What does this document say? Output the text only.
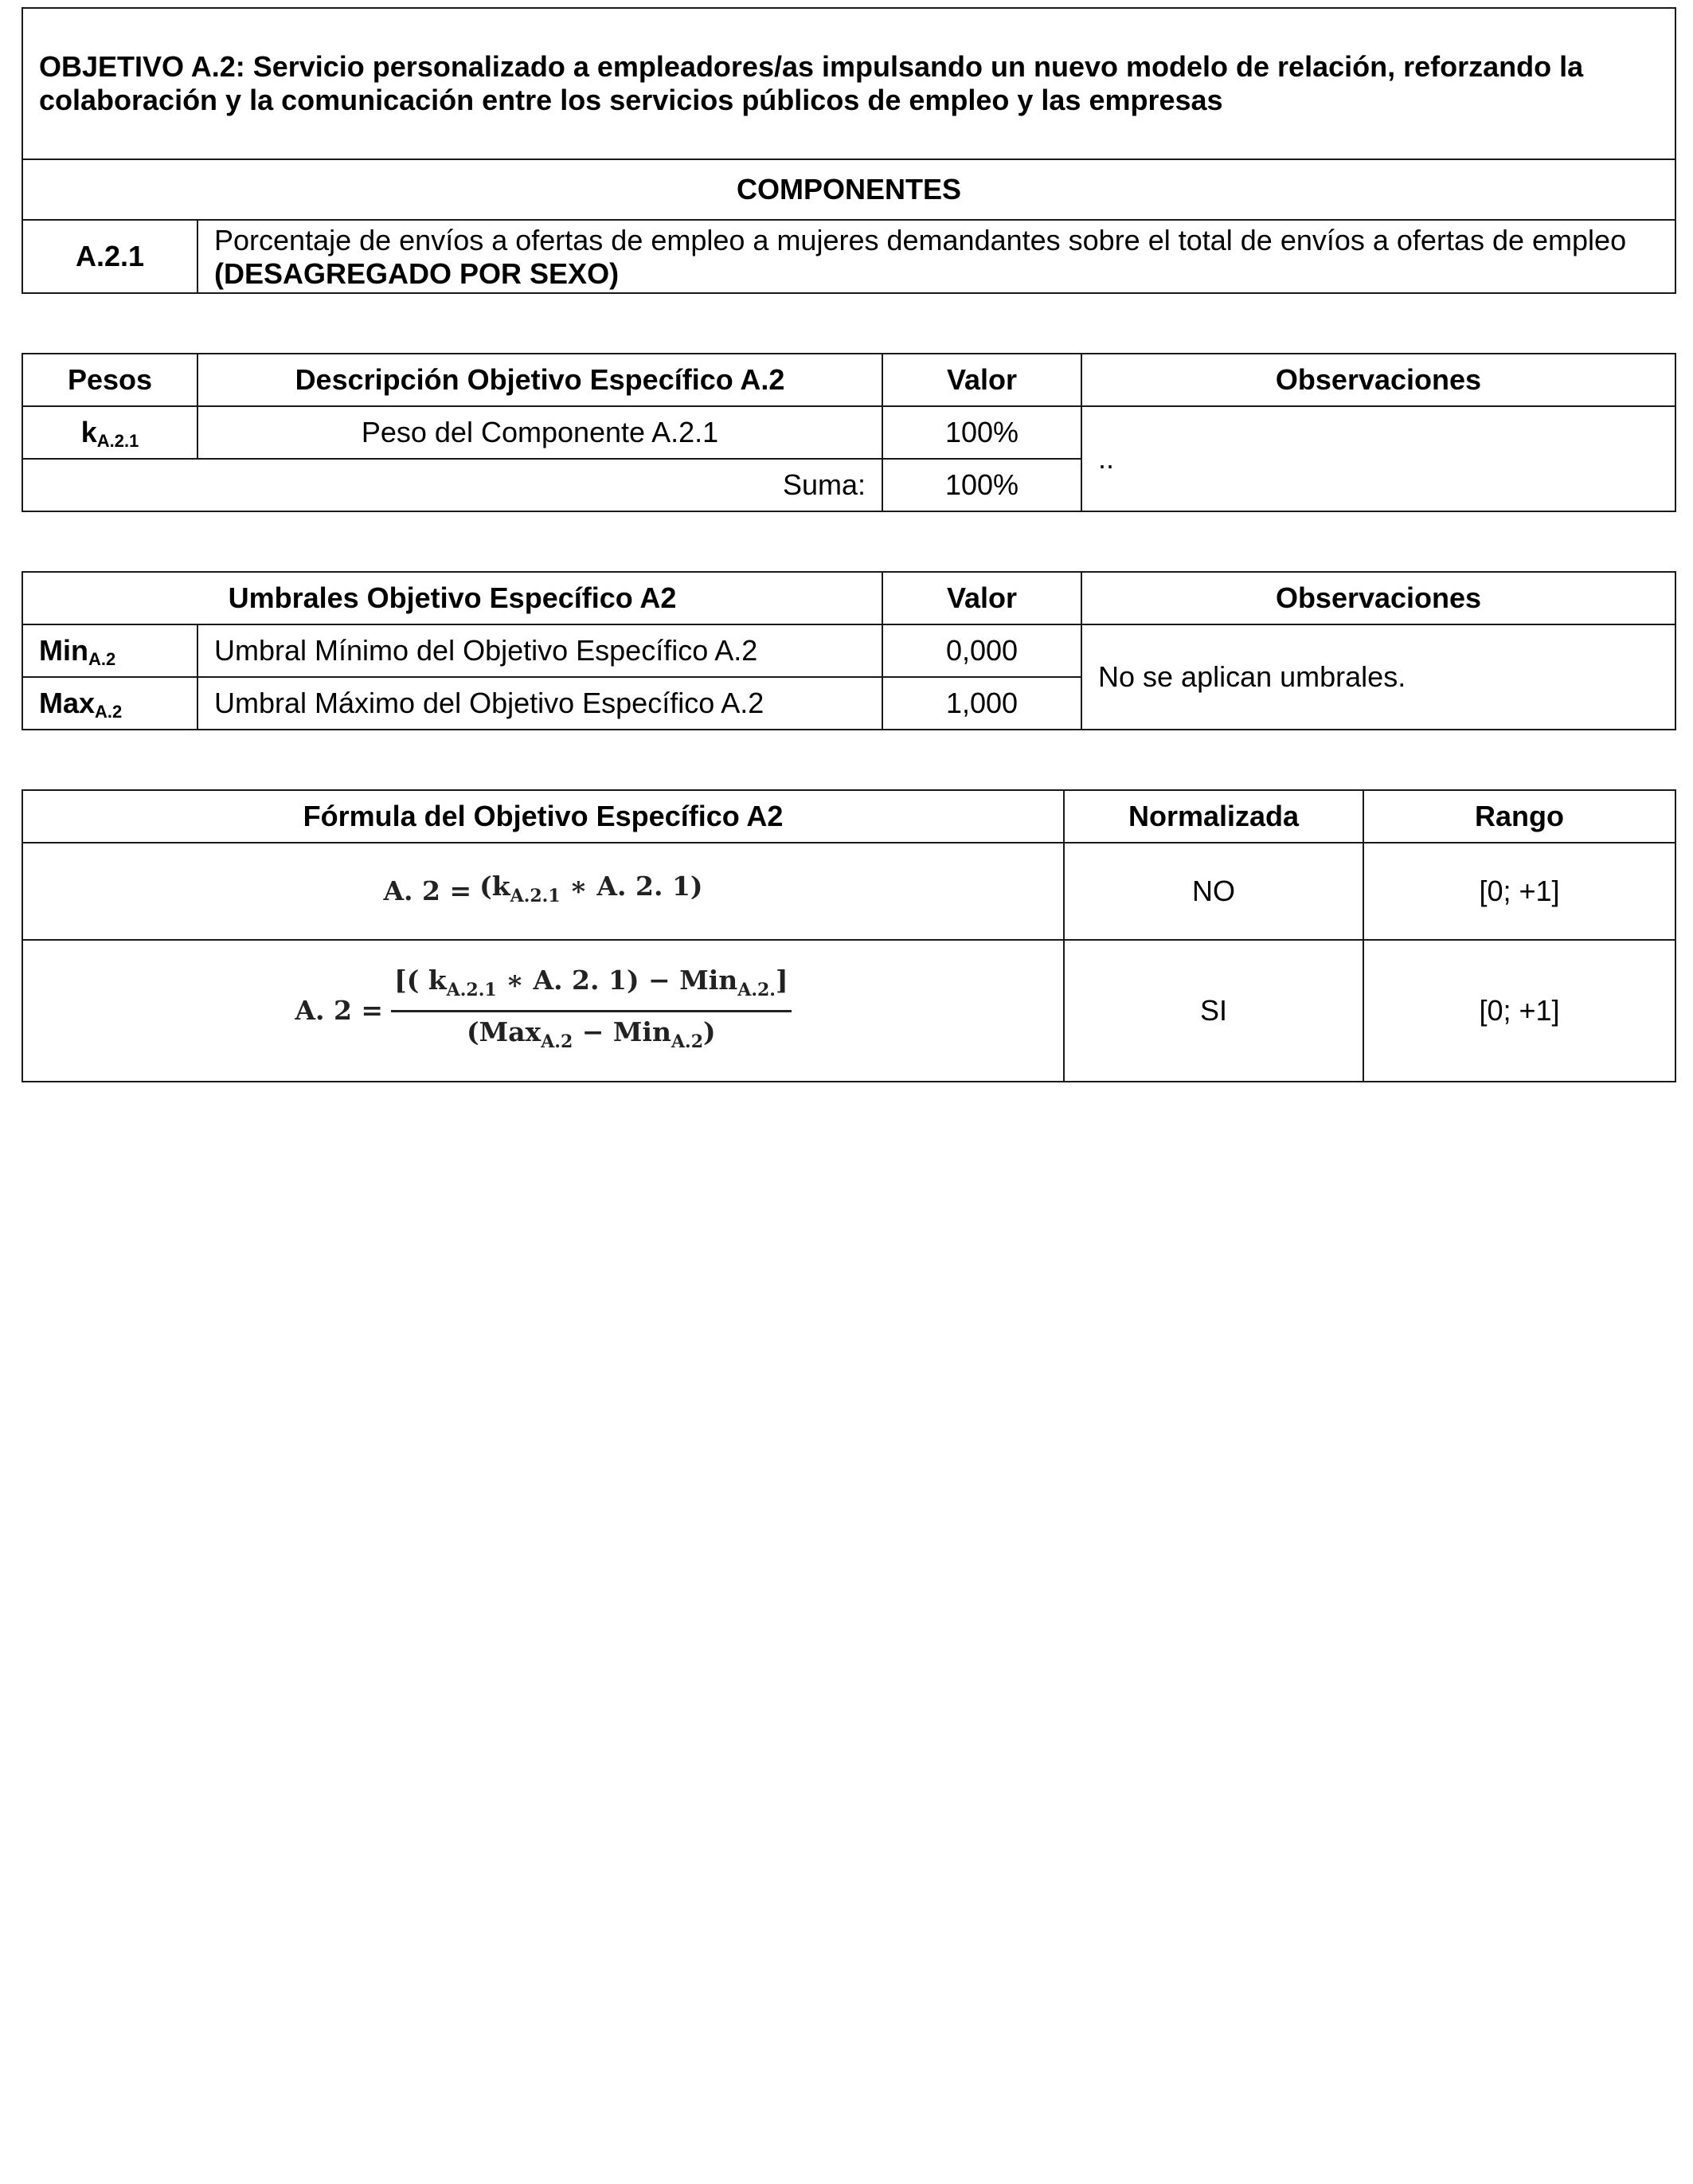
OBJETIVO A.2: Servicio personalizado a empleadores/as impulsando un nuevo modelo de relación, reforzando la colaboración y la comunicación entre los servicios públicos de empleo y las empresas
COMPONENTES
A.2.1	Porcentaje de envíos a ofertas de empleo a mujeres demandantes sobre el total de envíos a ofertas de empleo (DESAGREGADO POR SEXO)
Pesos	Descripción Objetivo Específico A.2	Valor	Observaciones
$k_{A.2.1}$	Peso del Componente A.2.1	100%	..
Suma:		100%	
Umbrales Objetivo Específico A2		Valor	Observaciones
Min$_{A.2}$	Umbral Mínimo del Objetivo Específico A.2	0,000	No se aplican umbrales.
Max$_{A.2}$	Umbral Máximo del Objetivo Específico A.2	1,000	
Fórmula del Objetivo Específico A2	Normalizada	Rango

A. $2 = (k_{A.2.1}$ ∗ A. 2. 1)	NO	[0; +1]

A. $2 = \frac{[( k_{A.2.1} ∗ A. 2. 1) - Min_{A.2.}]}{(Max_{A.2} - Min_{A.2})}$	SI	[0; +1]
